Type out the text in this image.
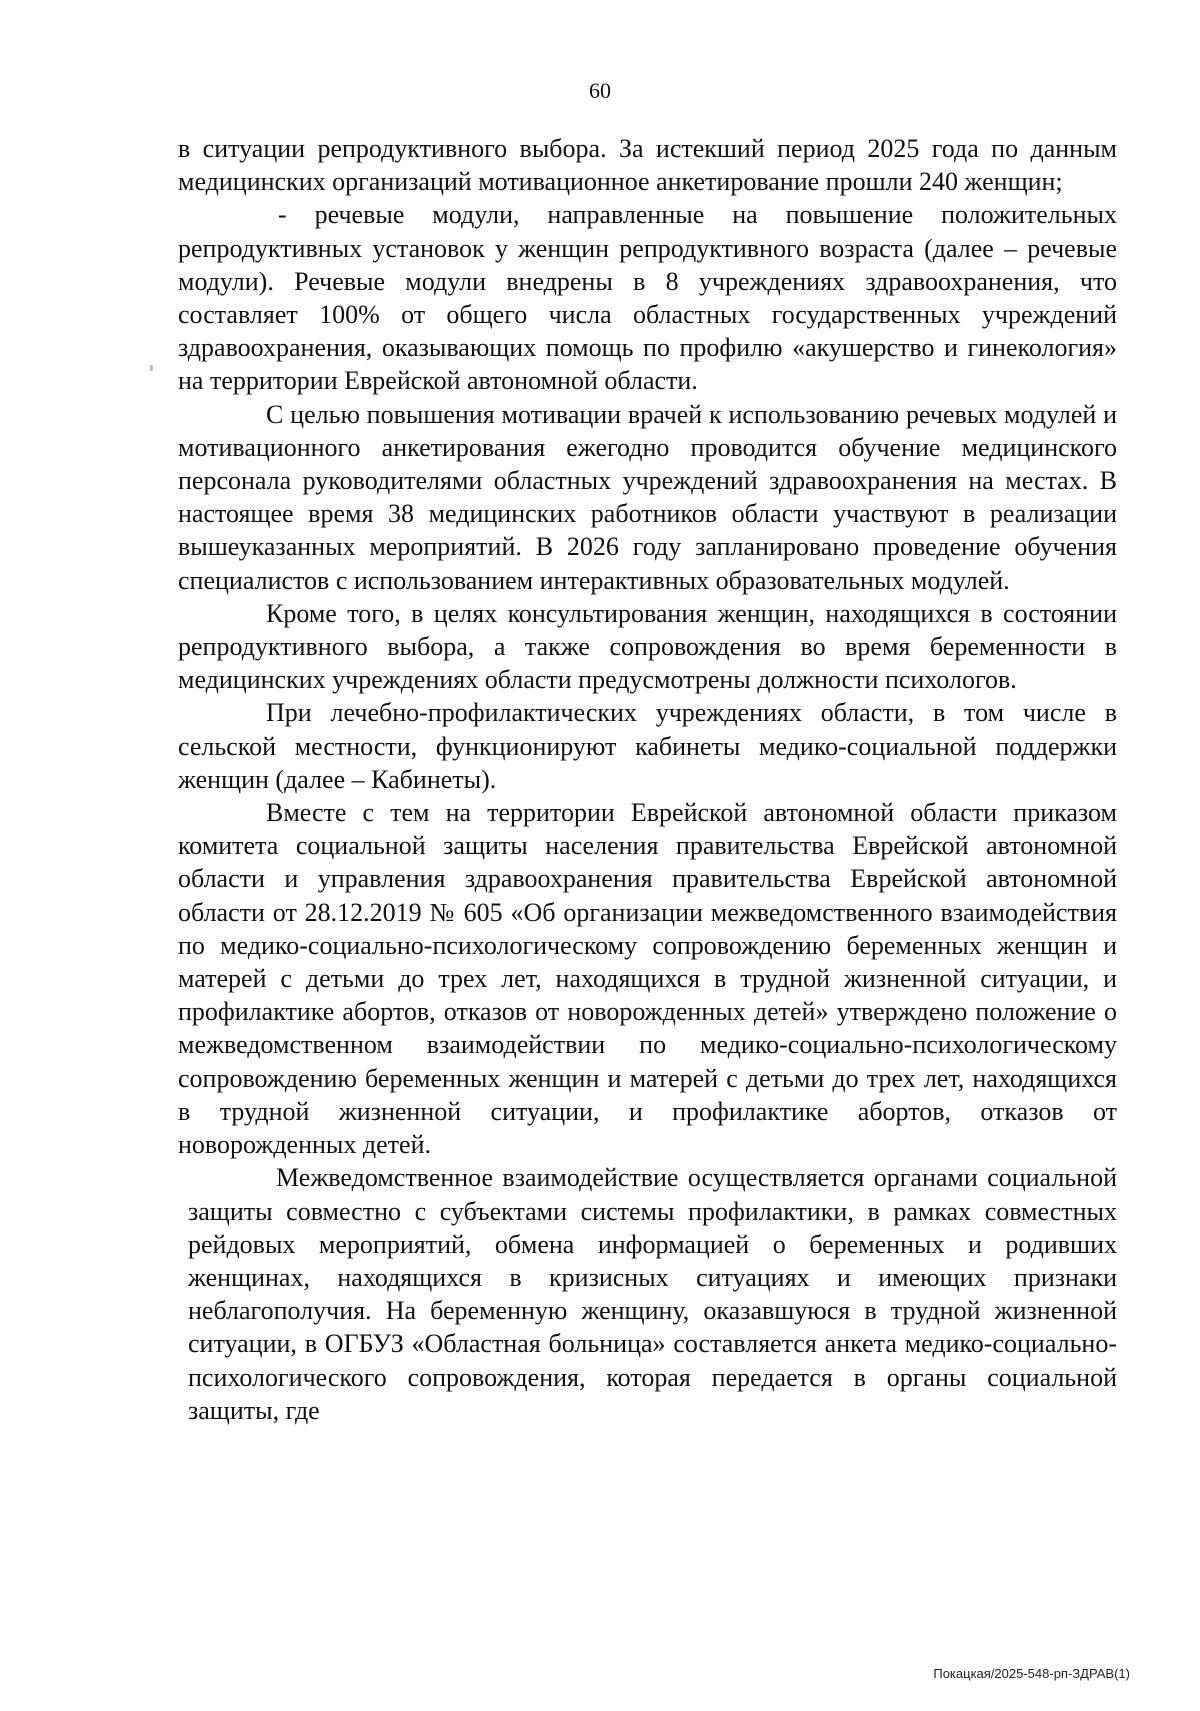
60

в ситуации репродуктивного выбора. За истекший период 2025 года по данным медицинских организаций мотивационное анкетирование прошли 240 женщин;

- речевые модули, направленные на повышение положительных репродуктивных установок у женщин репродуктивного возраста (далее – речевые модули). Речевые модули внедрены в 8 учреждениях здравоохранения, что составляет 100% от общего числа областных государственных учреждений здравоохранения, оказывающих помощь по профилю «акушерство и гинекология» на территории Еврейской автономной области.

С целью повышения мотивации врачей к использованию речевых модулей и мотивационного анкетирования ежегодно проводится обучение медицинского персонала руководителями областных учреждений здравоохранения на местах. В настоящее время 38 медицинских работников области участвуют в реализации вышеуказанных мероприятий. В 2026 году запланировано проведение обучения специалистов с использованием интерактивных образовательных модулей.

Кроме того, в целях консультирования женщин, находящихся в состоянии репродуктивного выбора, а также сопровождения во время беременности в медицинских учреждениях области предусмотрены должности психологов.

При лечебно-профилактических учреждениях области, в том числе в сельской местности, функционируют кабинеты медико-социальной поддержки женщин (далее – Кабинеты).

Вместе с тем на территории Еврейской автономной области приказом комитета социальной защиты населения правительства Еврейской автономной области и управления здравоохранения правительства Еврейской автономной области от 28.12.2019 № 605 «Об организации межведомственного взаимодействия по медико-социально-психологическому сопровождению беременных женщин и матерей с детьми до трех лет, находящихся в трудной жизненной ситуации, и профилактике абортов, отказов от новорожденных детей» утверждено положение о межведомственном взаимодействии по медико-социально-психологическому сопровождению беременных женщин и матерей с детьми до трех лет, находящихся в трудной жизненной ситуации, и профилактике абортов, отказов от новорожденных детей.

Межведомственное взаимодействие осуществляется органами социальной защиты совместно с субъектами системы профилактики, в рамках совместных рейдовых мероприятий, обмена информацией о беременных и родивших женщинах, находящихся в кризисных ситуациях и имеющих признаки неблагополучия. На беременную женщину, оказавшуюся в трудной жизненной ситуации, в ОГБУЗ «Областная больница» составляется анкета медико-социально-психологического сопровождения, которая передается в органы социальной защиты, где

Покацкая/2025-548-рп-ЗДРАВ(1)
